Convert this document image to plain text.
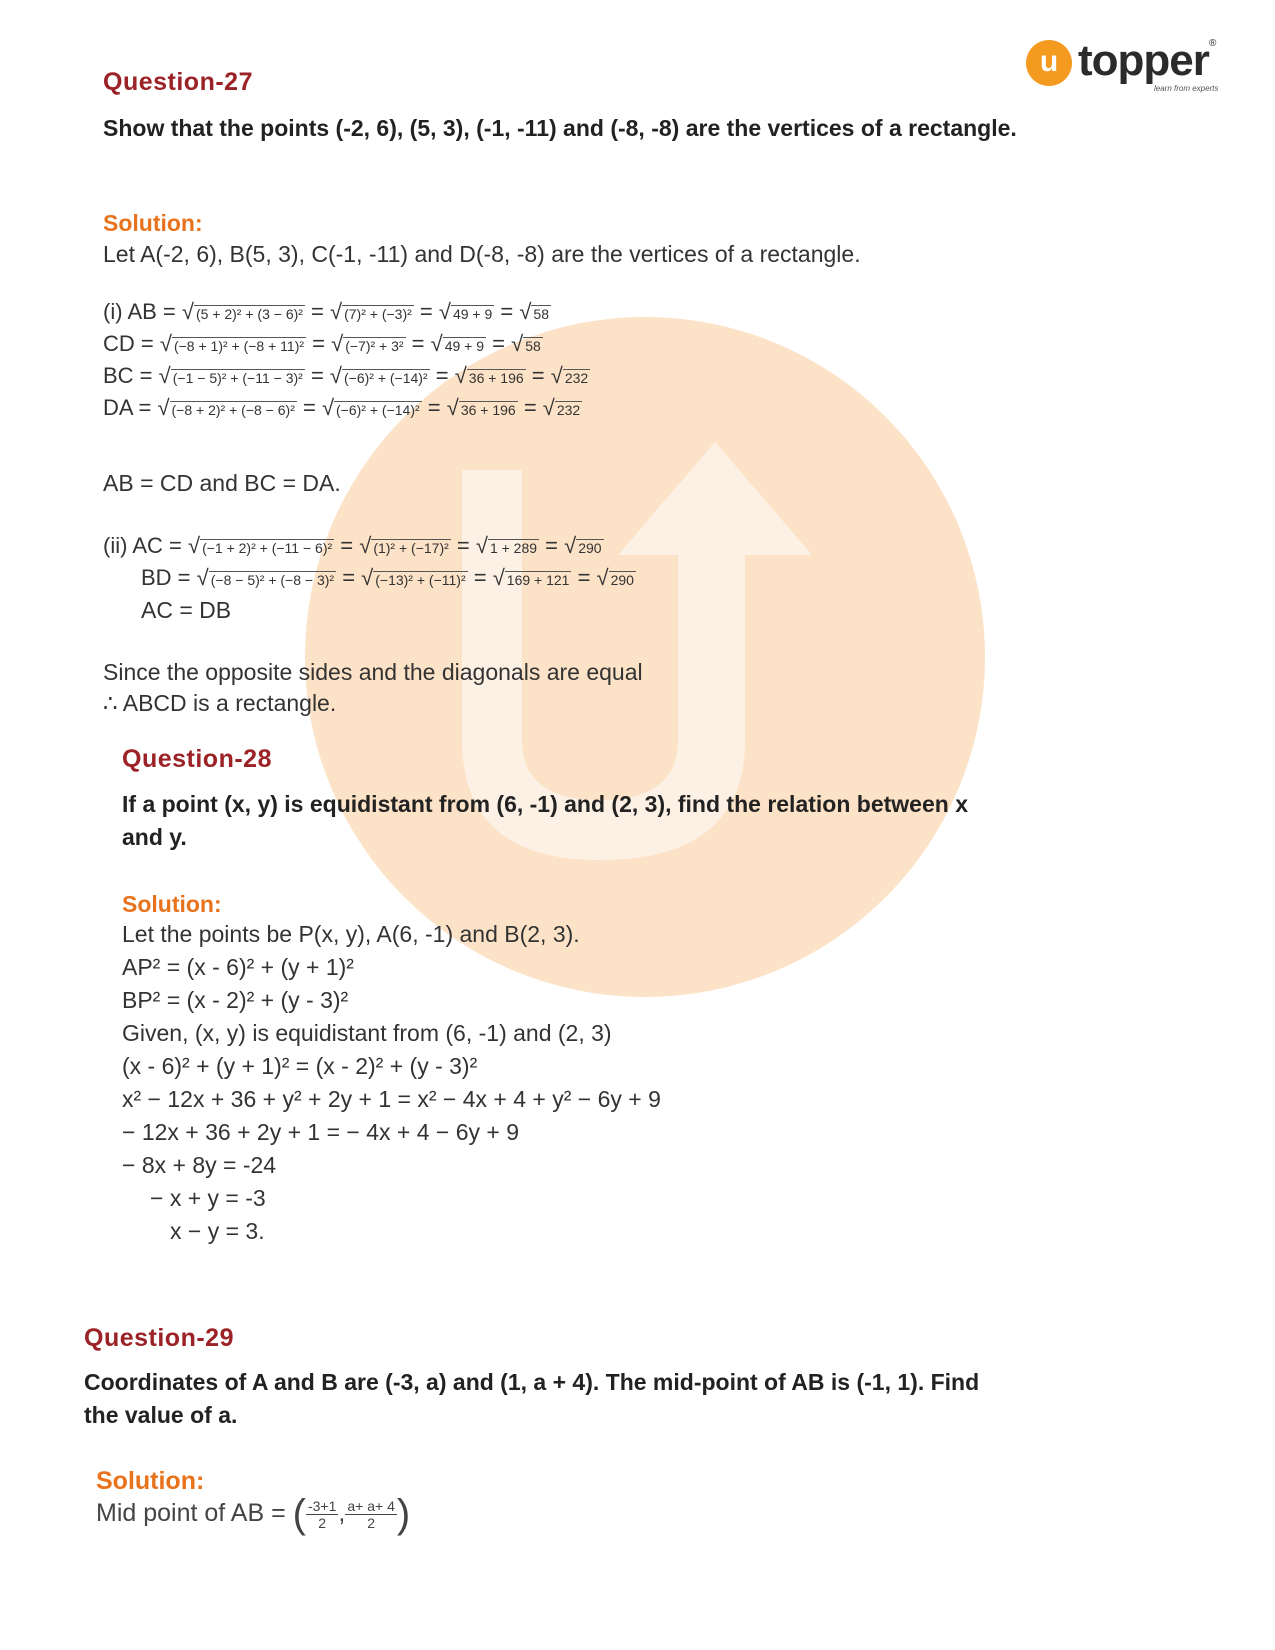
u topper
learn from experts
®
Question-27
Show that the points (-2, 6), (5, 3), (-1, -11) and (-8, -8) are the vertices of a rectangle.
Solution:
Let A(-2, 6), B(5, 3), C(-1, -11) and D(-8, -8) are the vertices of a rectangle.
(i) AB = √ (5 + 2)² + (3 − 6)² = √ (7)² + (−3)² = √ 49 + 9 = √ 58
CD = √ (−8 + 1)² + (−8 + 11)² = √ (−7)² + 3² = √ 49 + 9 = √ 58
BC = √ (−1 − 5)² + (−11 − 3)² = √ (−6)² + (−14)² = √ 36 + 196 = √ 232
DA = √ (−8 + 2)² + (−8 − 6)² = √ (−6)² + (−14)² = √ 36 + 196 = √ 232
AB = CD and BC = DA.
(ii) AC = √ (−1 + 2)² + (−11 − 6)² = √ (1)² + (−17)² = √ 1 + 289 = √ 290
BD = √ (−8 − 5)² + (−8 − 3)² = √ (−13)² + (−11)² = √ 169 + 121 = √ 290
AC = DB
Since the opposite sides and the diagonals are equal
∴ ABCD is a rectangle.
Question-28
If a point (x, y) is equidistant from (6, -1) and (2, 3), find the relation between x and y.
Solution:
Let the points be P(x, y), A(6, -1) and B(2, 3).
AP² = (x - 6)² + (y + 1)²
BP² = (x - 2)² + (y - 3)²
Given, (x, y) is equidistant from (6, -1) and (2, 3)
(x - 6)² + (y + 1)² = (x - 2)² + (y - 3)²
x² − 12x + 36 + y² + 2y + 1 = x² − 4x + 4 + y² − 6y + 9
− 12x + 36 + 2y + 1 = − 4x + 4 − 6y + 9
− 8x + 8y = -24
− x + y = -3
x − y = 3.
Question-29
Coordinates of A and B are (-3, a) and (1, a + 4). The mid-point of AB is (-1, 1). Find the value of a.
Solution:
Mid point of AB = ( $\frac{-3+1}{2}$ , $\frac{a+ a+ 4}{2}$ )
